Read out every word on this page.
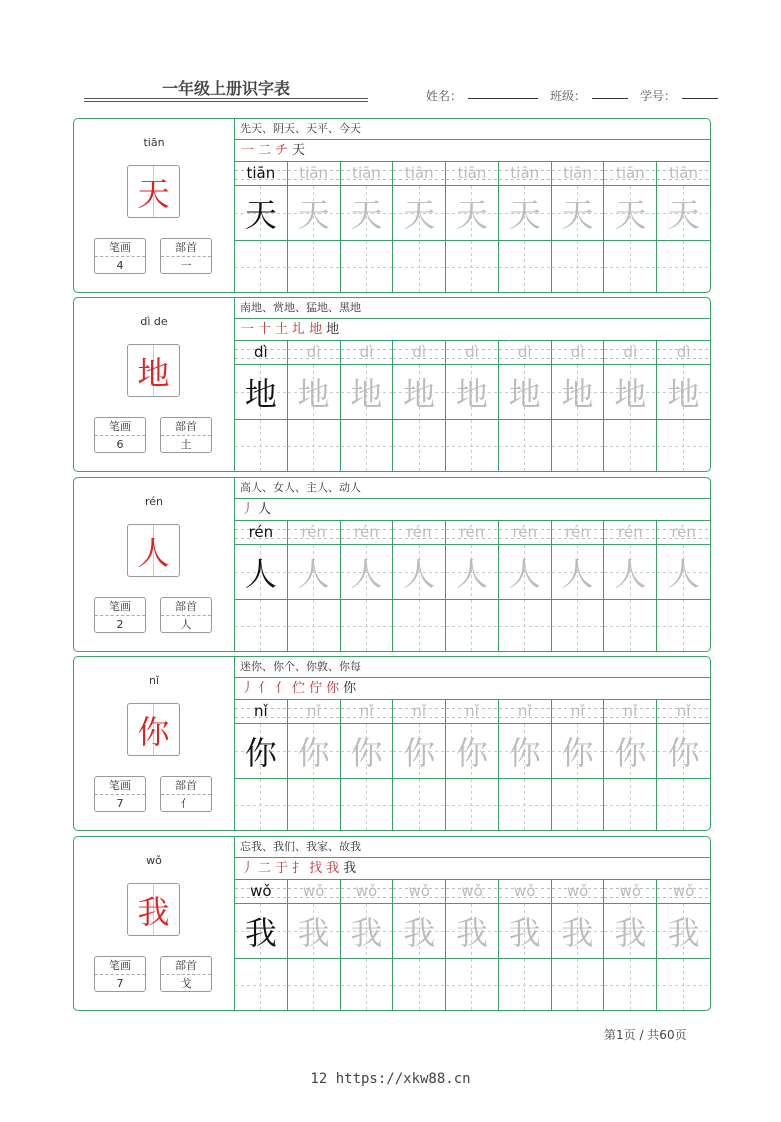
一年级上册识字表	姓名：	班级：	学号：
tiān
天
笔画
4
部首
一
先天、阴天、天平、今天
一 二 チ 天
tiān	tiān	tiān	tiān	tiān	tiān	tiān	tiān	tiān
天 天 天 天 天 天 天 天 天
dì de
地
笔画
6
部首
土
南地、赏地、猛地、黑地
一 十 土 圠 地 地
dì	dì	dì	dì	dì	dì	dì	dì	dì
地 地 地 地 地 地 地 地 地
rén
人
笔画
2
部首
人
高人、女人、主人、动人
丿 人
rén	rén	rén	rén	rén	rén	rén	rén	rén
人 人 人 人 人 人 人 人 人
nǐ
你
笔画
7
部首
亻
迷你、你个、你敦、你每
丿 亻 亻 伫 佇 你 你
nǐ	nǐ	nǐ	nǐ	nǐ	nǐ	nǐ	nǐ	nǐ
你 你 你 你 你 你 你 你 你
wǒ
我
笔画
7
部首
戈
忘我、我们、我家、故我
丿 二 于 扌 找 我 我
wǒ	wǒ	wǒ	wǒ	wǒ	wǒ	wǒ	wǒ	wǒ
我 我 我 我 我 我 我 我 我
第1页 / 共60页
12 https://xkw88.cn
